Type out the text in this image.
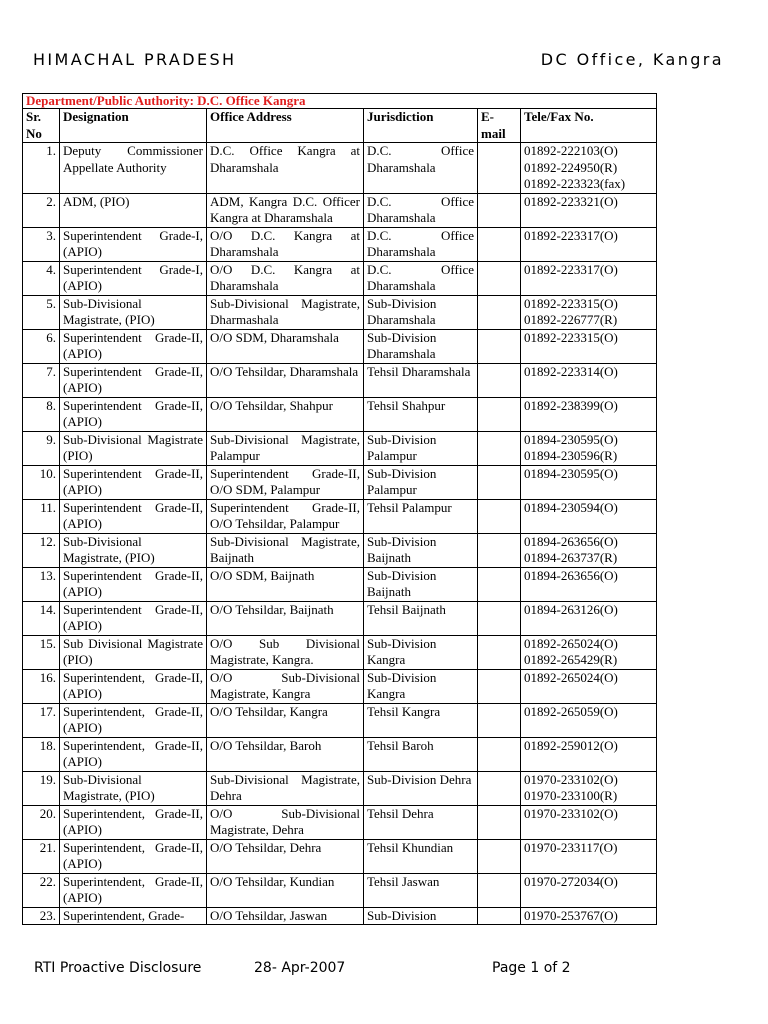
HIMACHAL PRADESH	DC Office, Kangra
Department/Public Authority: D.C. Office Kangra					
Sr. No	Designation	Office Address	Jurisdiction	E-mail	Tele/Fax No.
1.	Deputy Commissioner Appellate Authority	D.C. Office Kangra at Dharamshala	D.C. Office Dharamshala		01892-222103(O)
01892-224950(R)
01892-223323(fax)
2.	ADM, (PIO)	ADM, Kangra D.C. Officer Kangra at Dharamshala	D.C. Office Dharamshala		01892-223321(O)
3.	Superintendent Grade-I, (APIO)	O/O D.C. Kangra at Dharamshala	D.C. Office Dharamshala		01892-223317(O)
4.	Superintendent Grade-I, (APIO)	O/O D.C. Kangra at Dharamshala	D.C. Office Dharamshala		01892-223317(O)
5.	Sub-Divisional Magistrate, (PIO)	Sub-Divisional Magistrate, Dharmashala	Sub-Division Dharamshala		01892-223315(O)
01892-226777(R)
6.	Superintendent Grade-II, (APIO)	O/O SDM, Dharamshala	Sub-Division Dharamshala		01892-223315(O)
7.	Superintendent Grade-II, (APIO)	O/O Tehsildar, Dharamshala	Tehsil Dharamshala		01892-223314(O)
8.	Superintendent Grade-II, (APIO)	O/O Tehsildar, Shahpur	Tehsil Shahpur		01892-238399(O)
9.	Sub-Divisional Magistrate (PIO)	Sub-Divisional Magistrate, Palampur	Sub-Division Palampur		01894-230595(O)
01894-230596(R)
10.	Superintendent Grade-II, (APIO)	Superintendent Grade-II, O/O SDM, Palampur	Sub-Division Palampur		01894-230595(O)
11.	Superintendent Grade-II, (APIO)	Superintendent Grade-II, O/O Tehsildar, Palampur	Tehsil Palampur		01894-230594(O)
12.	Sub-Divisional Magistrate, (PIO)	Sub-Divisional Magistrate, Baijnath	Sub-Division Baijnath		01894-263656(O)
01894-263737(R)
13.	Superintendent Grade-II, (APIO)	O/O SDM, Baijnath	Sub-Division Baijnath		01894-263656(O)
14.	Superintendent Grade-II, (APIO)	O/O Tehsildar, Baijnath	Tehsil Baijnath		01894-263126(O)
15.	Sub Divisional Magistrate (PIO)	O/O Sub Divisional Magistrate, Kangra.	Sub-Division Kangra		01892-265024(O)
01892-265429(R)
16.	Superintendent, Grade-II, (APIO)	O/O Sub-Divisional Magistrate, Kangra	Sub-Division Kangra		01892-265024(O)
17.	Superintendent, Grade-II, (APIO)	O/O Tehsildar, Kangra	Tehsil Kangra		01892-265059(O)
18.	Superintendent, Grade-II, (APIO)	O/O Tehsildar, Baroh	Tehsil Baroh		01892-259012(O)
19.	Sub-Divisional Magistrate, (PIO)	Sub-Divisional Magistrate, Dehra	Sub-Division Dehra		01970-233102(O)
01970-233100(R)
20.	Superintendent, Grade-II, (APIO)	O/O Sub-Divisional Magistrate, Dehra	Tehsil Dehra		01970-233102(O)
21.	Superintendent, Grade-II, (APIO)	O/O Tehsildar, Dehra	Tehsil Khundian		01970-233117(O)
22.	Superintendent, Grade-II, (APIO)	O/O Tehsildar, Kundian	Tehsil Jaswan		01970-272034(O)
23.	Superintendent, Grade-	O/O Tehsildar, Jaswan	Sub-Division		01970-253767(O)
RTI Proactive Disclosure	28- Apr-2007	Page 1 of 2
